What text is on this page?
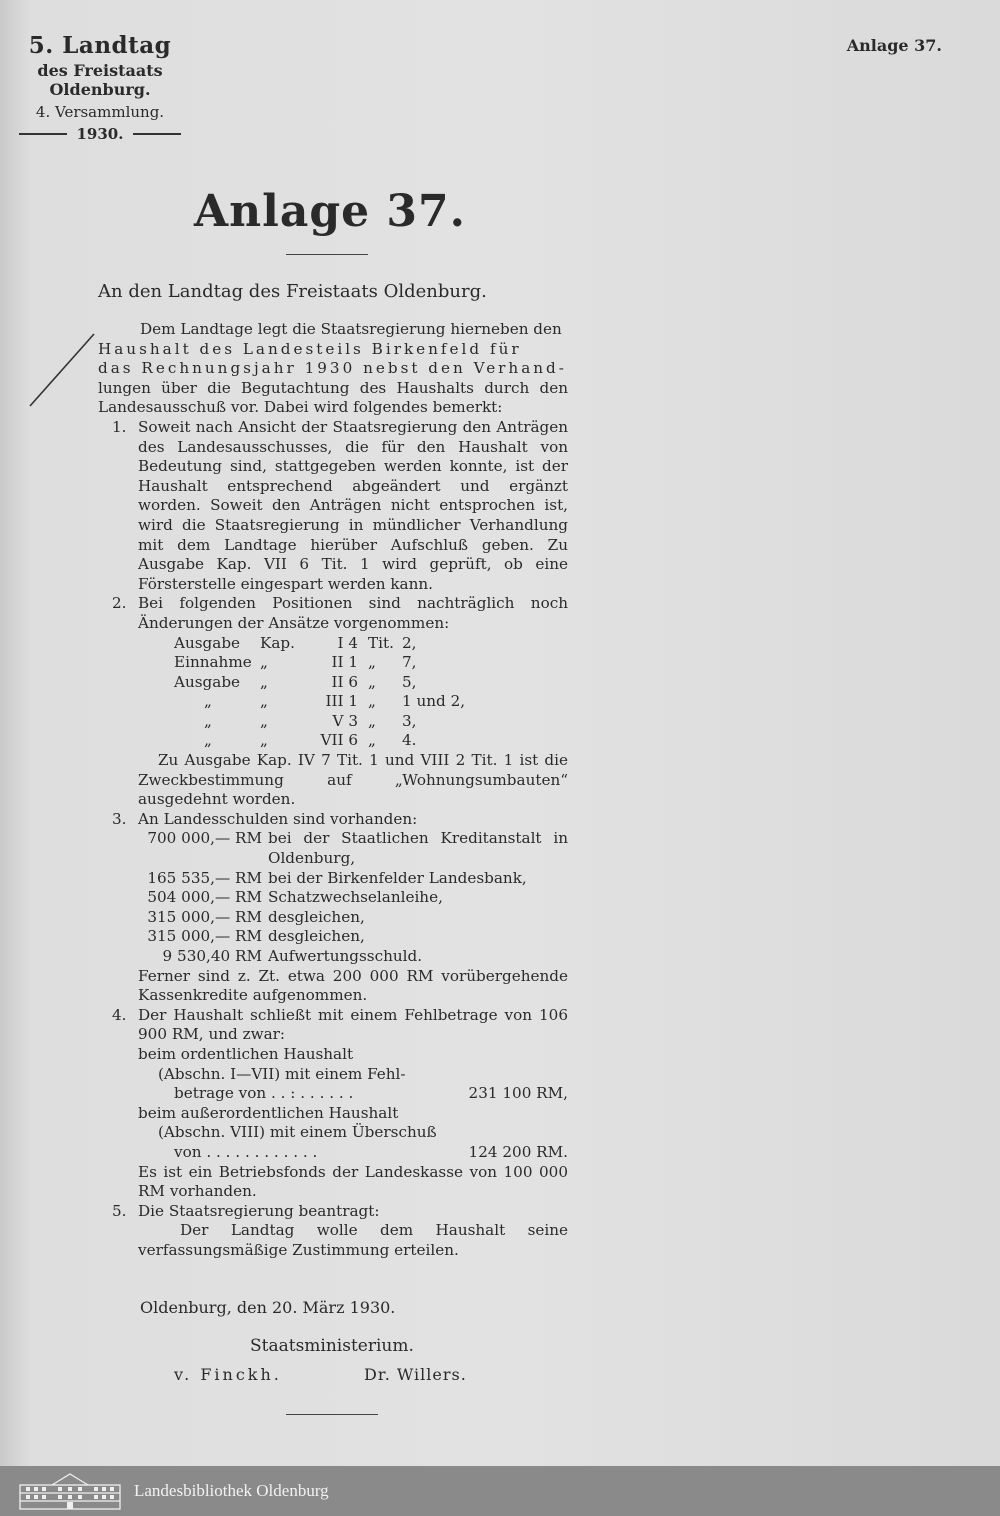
5. Landtag
des Freistaats Oldenburg.
4. Versammlung.
1930.
Anlage 37.
Anlage 37.
An den Landtag des Freistaats Oldenburg.

Dem Landtage legt die Staatsregierung hierneben den

Haushalt des Landesteils Birkenfeld für

das Rechnungsjahr 1930 nebst den Verhand-

lungen über die Begutachtung des Haushalts durch den Landesausschuß vor. Dabei wird folgendes bemerkt:

1. Soweit nach Ansicht der Staatsregierung den Anträgen des Landesausschusses, die für den Haushalt von Bedeutung sind, stattgegeben werden konnte, ist der Haushalt entsprechend abgeändert und ergänzt worden. Soweit den Anträgen nicht entsprochen ist, wird die Staatsregierung in mündlicher Verhandlung mit dem Landtage hierüber Aufschluß geben. Zu Ausgabe Kap. VII 6 Tit. 1 wird geprüft, ob eine Försterstelle eingespart werden kann.

2. Bei folgenden Positionen sind nachträglich noch Änderungen der Ansätze vorgenommen:

Ausgabe	Kap.	I 4 Tit. 2,
Einnahme „	II 1 „	7,
Ausgabe	„	II 6 „	5,
„	„	III 1 „	1 und 2,
„	„	V 3 „	3,
„	„	VII 6 „	4.

Zu Ausgabe Kap. IV 7 Tit. 1 und VIII 2 Tit. 1 ist die Zweckbestimmung auf „Wohnungsumbauten“ ausgedehnt worden.

3. An Landesschulden sind vorhanden:

700 000,— RM bei der Staatlichen Kreditanstalt in Oldenburg,
165 535,— RM bei der Birkenfelder Landesbank,
504 000,— RM Schatzwechselanleihe,
315 000,— RM desgleichen,
315 000,— RM desgleichen,
9 530,40 RM Aufwertungsschuld.

Ferner sind z. Zt. etwa 200 000 RM vorübergehende Kassenkredite aufgenommen.

4. Der Haushalt schließt mit einem Fehlbetrage von 106 900 RM, und zwar:

beim ordentlichen Haushalt

(Abschn. I—VII) mit einem Fehl-

betrage von . . : . . . . . .	231 100 RM,

beim außerordentlichen Haushalt

(Abschn. VIII) mit einem Überschuß

von . . . . . . . . . . . .	124 200 RM.

Es ist ein Betriebsfonds der Landeskasse von 100 000 RM vorhanden.

5. Die Staatsregierung beantragt:

Der Landtag wolle dem Haushalt seine verfassungsmäßige Zustimmung erteilen.

Oldenburg, den 20. März 1930.
Staatsministerium.
v. Finckh.	Dr. Willers.
Landesbibliothek Oldenburg
